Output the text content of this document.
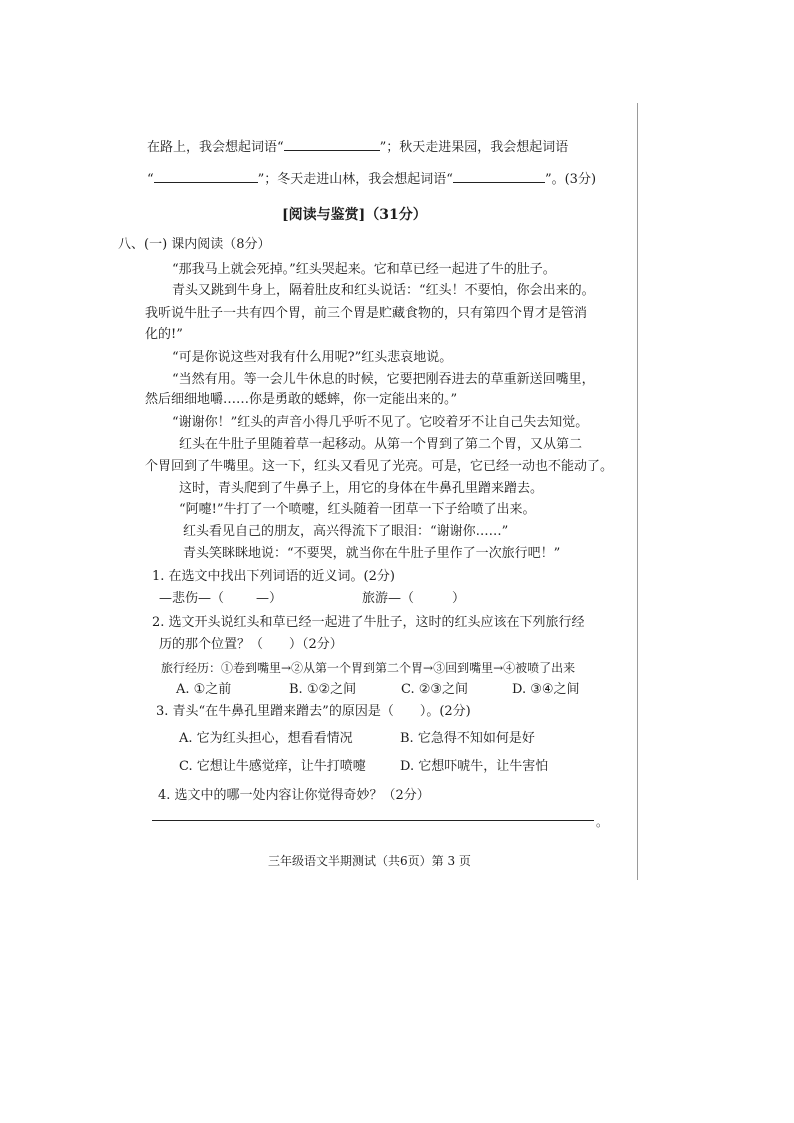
在路上，我会想起词语“	”；秋天走进果园，我会想起词语
“	”；冬天走进山林，我会想起词语“	”。(3分)
[阅读与鉴赏]（31分）
八、(一) 课内阅读（8分）
“那我马上就会死掉。”红头哭起来。它和草已经一起进了牛的肚子。
青头又跳到牛身上，隔着肚皮和红头说话：“红头！不要怕，你会出来的。
我听说牛肚子一共有四个胃，前三个胃是贮藏食物的，只有第四个胃才是管消
化的!”
“可是你说这些对我有什么用呢?”红头悲哀地说。
“当然有用。等一会儿牛休息的时候，它要把刚吞进去的草重新送回嘴里，
然后细细地嚼……你是勇敢的蟋蟀，你一定能出来的。”
“谢谢你！”红头的声音小得几乎听不见了。它咬着牙不让自己失去知觉。
红头在牛肚子里随着草一起移动。从第一个胃到了第二个胃，又从第二
个胃回到了牛嘴里。这一下，红头又看见了光亮。可是，它已经一动也不能动了。
这时，青头爬到了牛鼻子上，用它的身体在牛鼻孔里蹭来蹭去。
“阿嚏!”牛打了一个喷嚏，红头随着一团草一下子给喷了出来。
红头看见自己的朋友，高兴得流下了眼泪：“谢谢你……”
青头笑眯眯地说：“不要哭，就当你在牛肚子里作了一次旅行吧！”
1. 在选文中找出下列词语的近义词。(2分)
—悲伤—（ —）	旅游—（	）
2. 选文开头说红头和草已经一起进了牛肚子，这时的红头应该在下列旅行经
历的那个位置？（　　）（2分）
旅行经历：①卷到嘴里→②从第一个胃到第二个胃→③回到嘴里→④被喷了出来
A. ①之前	B. ①②之间	C. ②③之间	D. ③④之间
3. 青头“在牛鼻孔里蹭来蹭去”的原因是（　　）。(2分)
A. 它为红头担心，想看看情况	B. 它急得不知如何是好
C. 它想让牛感觉痒，让牛打喷嚏	D. 它想吓唬牛，让牛害怕
4. 选文中的哪一处内容让你觉得奇妙？（2分）
。
三年级语文半期测试（共6页）第 3 页
